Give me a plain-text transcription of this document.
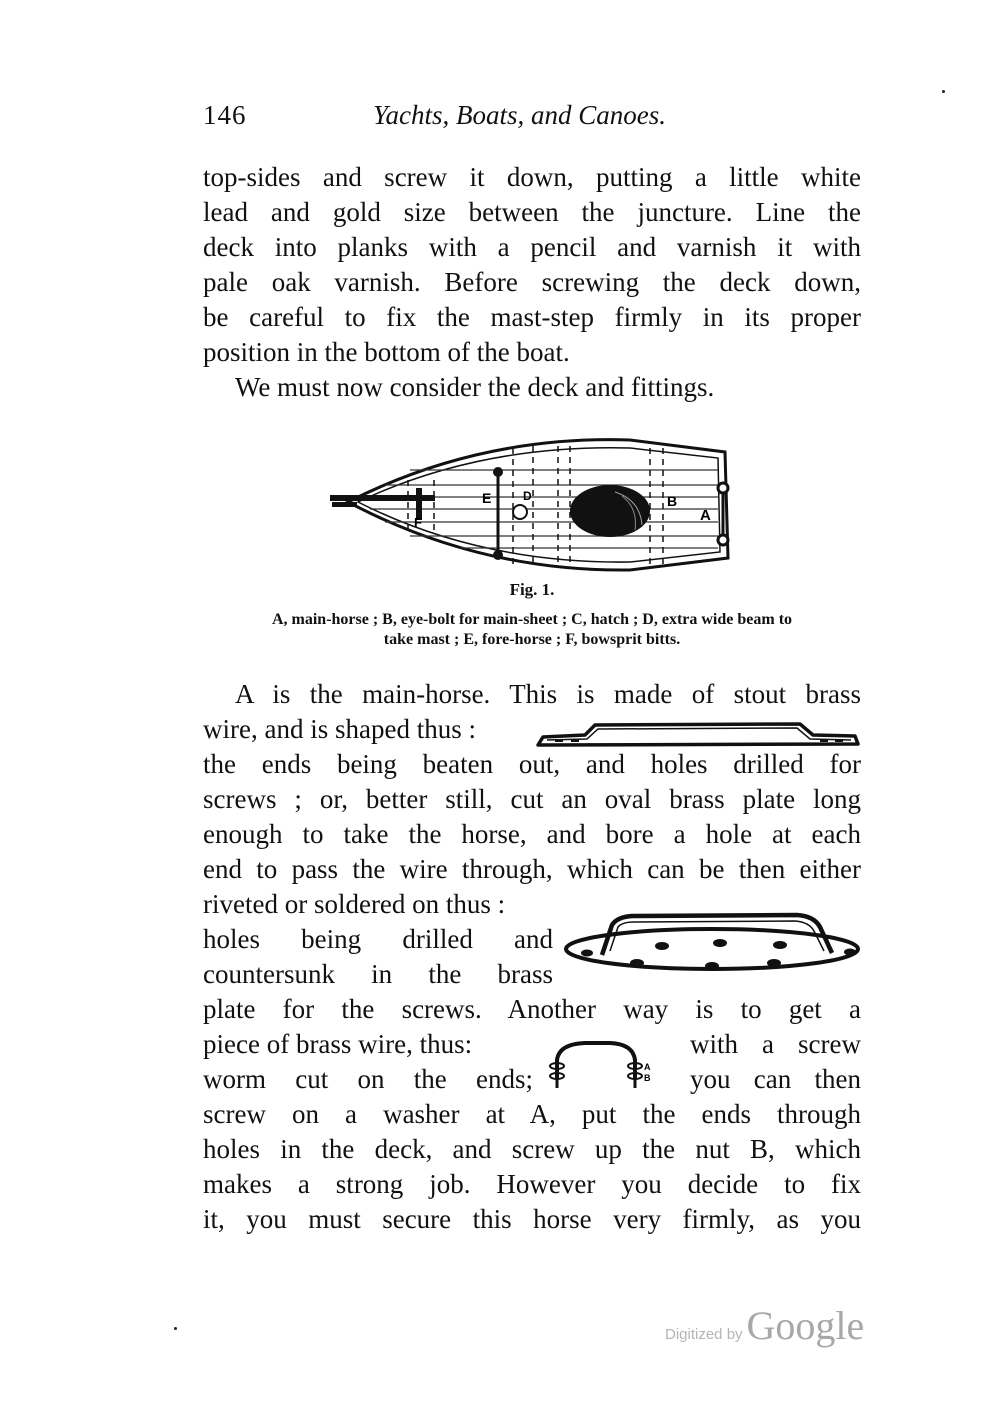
146	Yachts, Boats, and Canoes.
top-sides and screw it down, putting a little white
lead and gold size between the juncture. Line the
deck into planks with a pencil and varnish it with
pale oak varnish. Before screwing the deck down,
be careful to fix the mast-step firmly in its proper
position in the bottom of the boat.
We must now consider the deck and fittings.
E	D	B
A
F
Fig. 1.
A, main-horse ; B, eye-bolt for main-sheet ; C, hatch ; D, extra wide beam to
take mast ; E, fore-horse ; F, bowsprit bitts.
A is the main-horse. This is made of stout brass
wire, and is shaped thus :
the ends being beaten out, and holes drilled for
screws ; or, better still, cut an oval brass plate long
enough to take the horse, and bore a hole at each
end to pass the wire through, which can be then either
riveted or soldered on thus :
holes being drilled and
countersunk in the brass
plate for the screws. Another way is to get a
piece of brass wire, thus:	with a screw
worm cut on the ends;	you can then
screw on a washer at A, put the ends through
holes in the deck, and screw up the nut B, which
makes a strong job. However you decide to fix
it, you must secure this horse very firmly, as you
A
B
Digitized by Google
